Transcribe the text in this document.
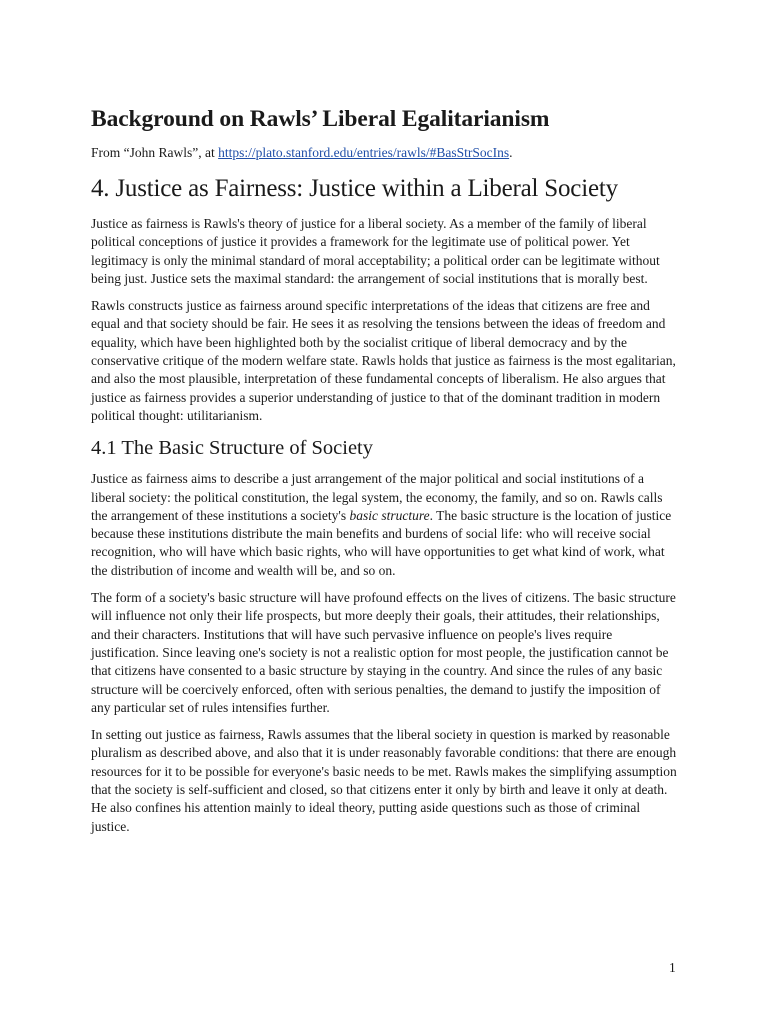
Background on Rawls’ Liberal Egalitarianism

From “John Rawls”, at https://plato.stanford.edu/entries/rawls/#BasStrSocIns.

4. Justice as Fairness: Justice within a Liberal Society

Justice as fairness is Rawls's theory of justice for a liberal society. As a member of the family of liberal political conceptions of justice it provides a framework for the legitimate use of political power. Yet legitimacy is only the minimal standard of moral acceptability; a political order can be legitimate without being just. Justice sets the maximal standard: the arrangement of social institutions that is morally best.

Rawls constructs justice as fairness around specific interpretations of the ideas that citizens are free and equal and that society should be fair. He sees it as resolving the tensions between the ideas of freedom and equality, which have been highlighted both by the socialist critique of liberal democracy and by the conservative critique of the modern welfare state. Rawls holds that justice as fairness is the most egalitarian, and also the most plausible, interpretation of these fundamental concepts of liberalism. He also argues that justice as fairness provides a superior understanding of justice to that of the dominant tradition in modern political thought: utilitarianism.

4.1 The Basic Structure of Society

Justice as fairness aims to describe a just arrangement of the major political and social institutions of a liberal society: the political constitution, the legal system, the economy, the family, and so on. Rawls calls the arrangement of these institutions a society's basic structure. The basic structure is the location of justice because these institutions distribute the main benefits and burdens of social life: who will receive social recognition, who will have which basic rights, who will have opportunities to get what kind of work, what the distribution of income and wealth will be, and so on.

The form of a society's basic structure will have profound effects on the lives of citizens. The basic structure will influence not only their life prospects, but more deeply their goals, their attitudes, their relationships, and their characters. Institutions that will have such pervasive influence on people's lives require justification. Since leaving one's society is not a realistic option for most people, the justification cannot be that citizens have consented to a basic structure by staying in the country. And since the rules of any basic structure will be coercively enforced, often with serious penalties, the demand to justify the imposition of any particular set of rules intensifies further.

In setting out justice as fairness, Rawls assumes that the liberal society in question is marked by reasonable pluralism as described above, and also that it is under reasonably favorable conditions: that there are enough resources for it to be possible for everyone's basic needs to be met. Rawls makes the simplifying assumption that the society is self-sufficient and closed, so that citizens enter it only by birth and leave it only at death. He also confines his attention mainly to ideal theory, putting aside questions such as those of criminal justice.

1
